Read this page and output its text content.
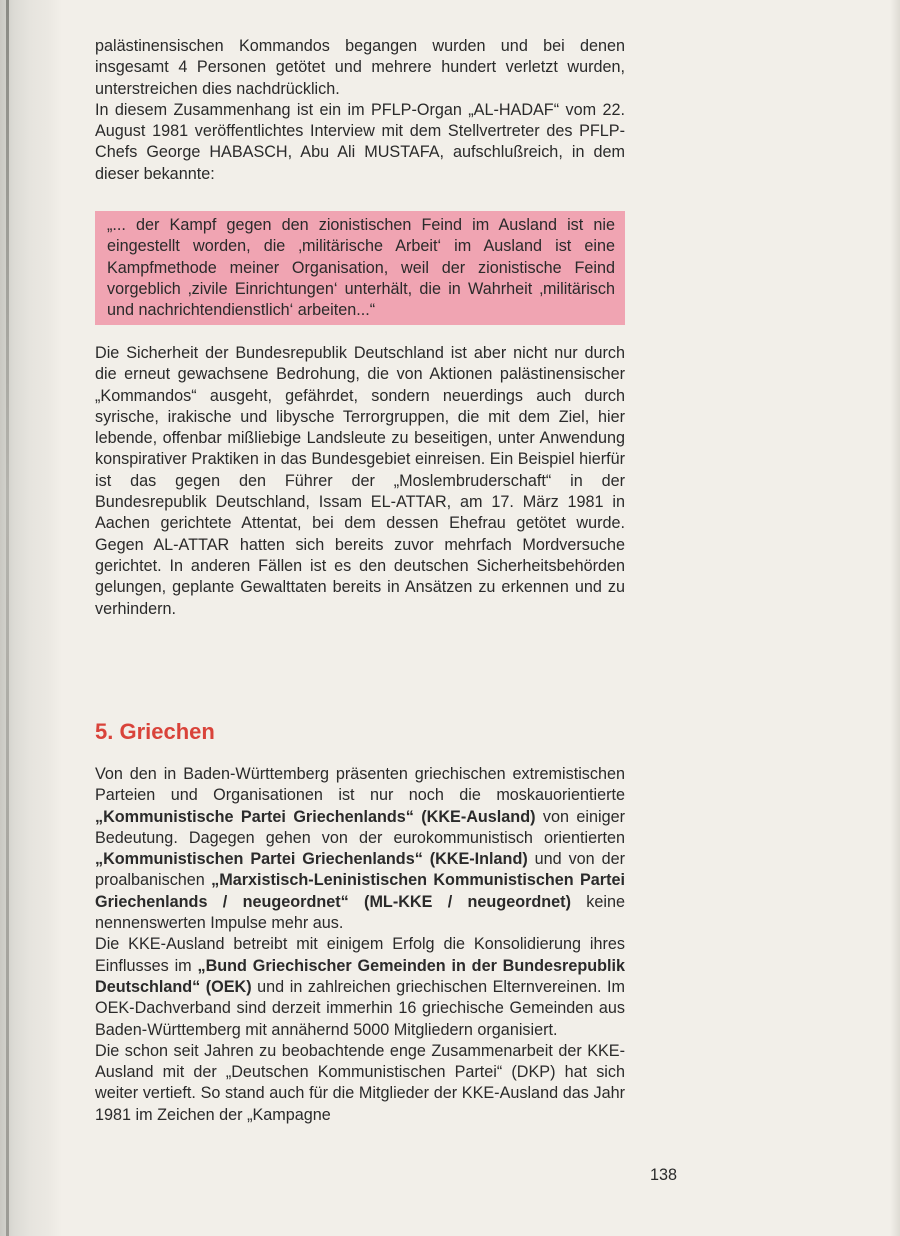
palästinensischen Kommandos begangen wurden und bei denen insgesamt 4 Personen getötet und mehrere hundert verletzt wurden, unterstreichen dies nachdrücklich.

In diesem Zusammenhang ist ein im PFLP-Organ „AL-HADAF“ vom 22. August 1981 veröffentlichtes Interview mit dem Stellvertreter des PFLP-Chefs George HABASCH, Abu Ali MUSTAFA, aufschlußreich, in dem dieser bekannte:

„... der Kampf gegen den zionistischen Feind im Ausland ist nie eingestellt worden, die ‚militärische Arbeit‘ im Ausland ist eine Kampfmethode meiner Organisation, weil der zionistische Feind vorgeblich ‚zivile Einrichtungen‘ unterhält, die in Wahrheit ‚militärisch und nachrichtendienstlich‘ arbeiten...“

Die Sicherheit der Bundesrepublik Deutschland ist aber nicht nur durch die erneut gewachsene Bedrohung, die von Aktionen palästinensischer „Kommandos“ ausgeht, gefährdet, sondern neuerdings auch durch syrische, irakische und libysche Terrorgruppen, die mit dem Ziel, hier lebende, offenbar mißliebige Landsleute zu beseitigen, unter Anwendung konspirativer Praktiken in das Bundesgebiet einreisen. Ein Beispiel hierfür ist das gegen den Führer der „Moslembruderschaft“ in der Bundesrepublik Deutschland, Issam EL-ATTAR, am 17. März 1981 in Aachen gerichtete Attentat, bei dem dessen Ehefrau getötet wurde. Gegen AL-ATTAR hatten sich bereits zuvor mehrfach Mordversuche gerichtet. In anderen Fällen ist es den deutschen Sicherheitsbehörden gelungen, geplante Gewalttaten bereits in Ansätzen zu erkennen und zu verhindern.

5. Griechen

Von den in Baden-Württemberg präsenten griechischen extremistischen Parteien und Organisationen ist nur noch die moskauorientierte „Kommunistische Partei Griechenlands“ (KKE-Ausland) von einiger Bedeutung. Dagegen gehen von der eurokommunistisch orientierten „Kommunistischen Partei Griechenlands“ (KKE-Inland) und von der proalbanischen „Marxistisch-Leninistischen Kommunistischen Partei Griechenlands / neugeordnet“ (ML-KKE / neugeordnet) keine nennenswerten Impulse mehr aus.

Die KKE-Ausland betreibt mit einigem Erfolg die Konsolidierung ihres Einflusses im „Bund Griechischer Gemeinden in der Bundesrepublik Deutschland“ (OEK) und in zahlreichen griechischen Elternvereinen. Im OEK-Dachverband sind derzeit immerhin 16 griechische Gemeinden aus Baden-Württemberg mit annähernd 5000 Mitgliedern organisiert.

Die schon seit Jahren zu beobachtende enge Zusammenarbeit der KKE-Ausland mit der „Deutschen Kommunistischen Partei“ (DKP) hat sich weiter vertieft. So stand auch für die Mitglieder der KKE-Ausland das Jahr 1981 im Zeichen der „Kampagne

138
